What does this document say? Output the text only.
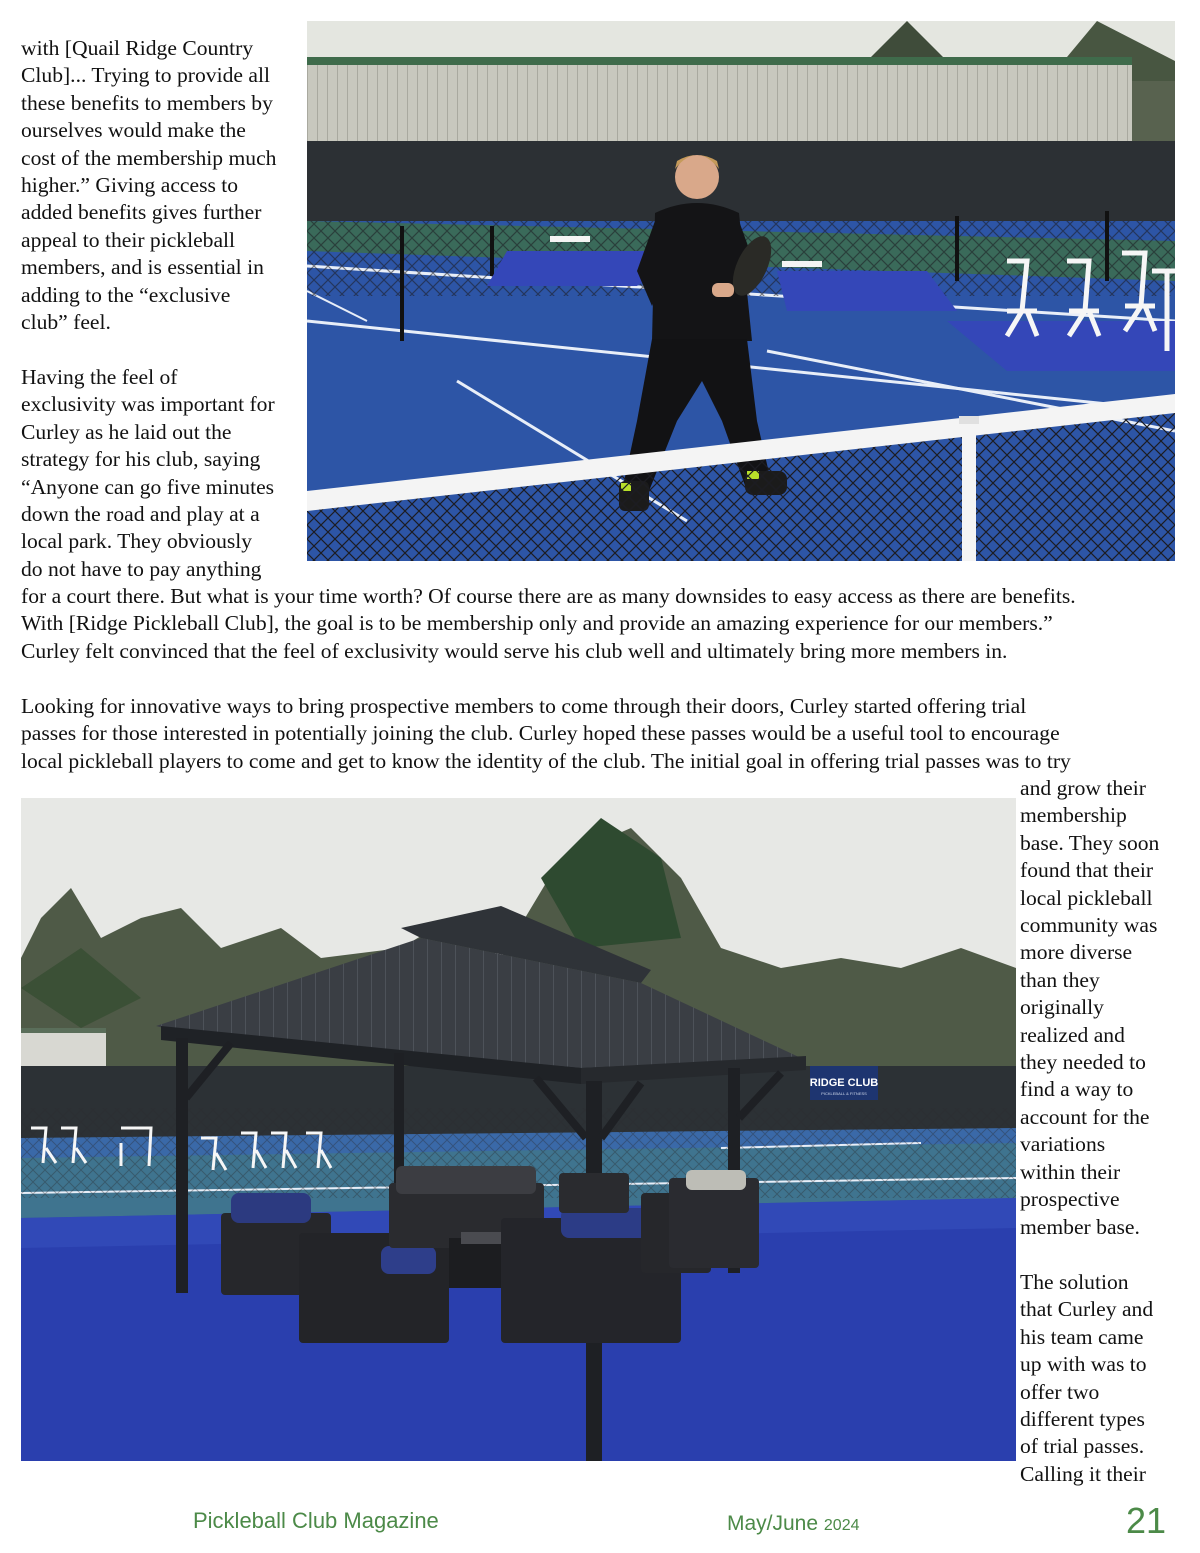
with [Quail Ridge Country
Club]... Trying to provide all
these benefits to members by
ourselves would make the
cost of the membership much
higher.” Giving access to
added benefits gives further
appeal to their pickleball
members, and is essential in
adding to the “exclusive
club” feel.
Having the feel of
exclusivity was important for
Curley as he laid out the
strategy for his club, saying
“Anyone can go five minutes
down the road and play at a
local park. They obviously
do not have to pay anything
for a court there. But what is your time worth? Of course there are as many downsides to easy access as there are benefits.
With [Ridge Pickleball Club], the goal is to be membership only and provide an amazing experience for our members.”
Curley felt convinced that the feel of exclusivity would serve his club well and ultimately bring more members in.
Looking for innovative ways to bring prospective members to come through their doors, Curley started offering trial
passes for those interested in potentially joining the club. Curley hoped these passes would be a useful tool to encourage
local pickleball players to come and get to know the identity of the club. The initial goal in offering trial passes was to try
and grow their
membership
base. They soon
found that their
local pickleball
community was
more diverse
than they
originally
realized and
they needed to
find a way to
account for the
variations
within their
prospective
member base.
The solution
that Curley and
his team came
up with was to
offer two
different types
of trial passes.
Calling it their
RIDGE CLUB
PICKLEBALL & FITNESS
Pickleball Club Magazine	May/June 2024	21
